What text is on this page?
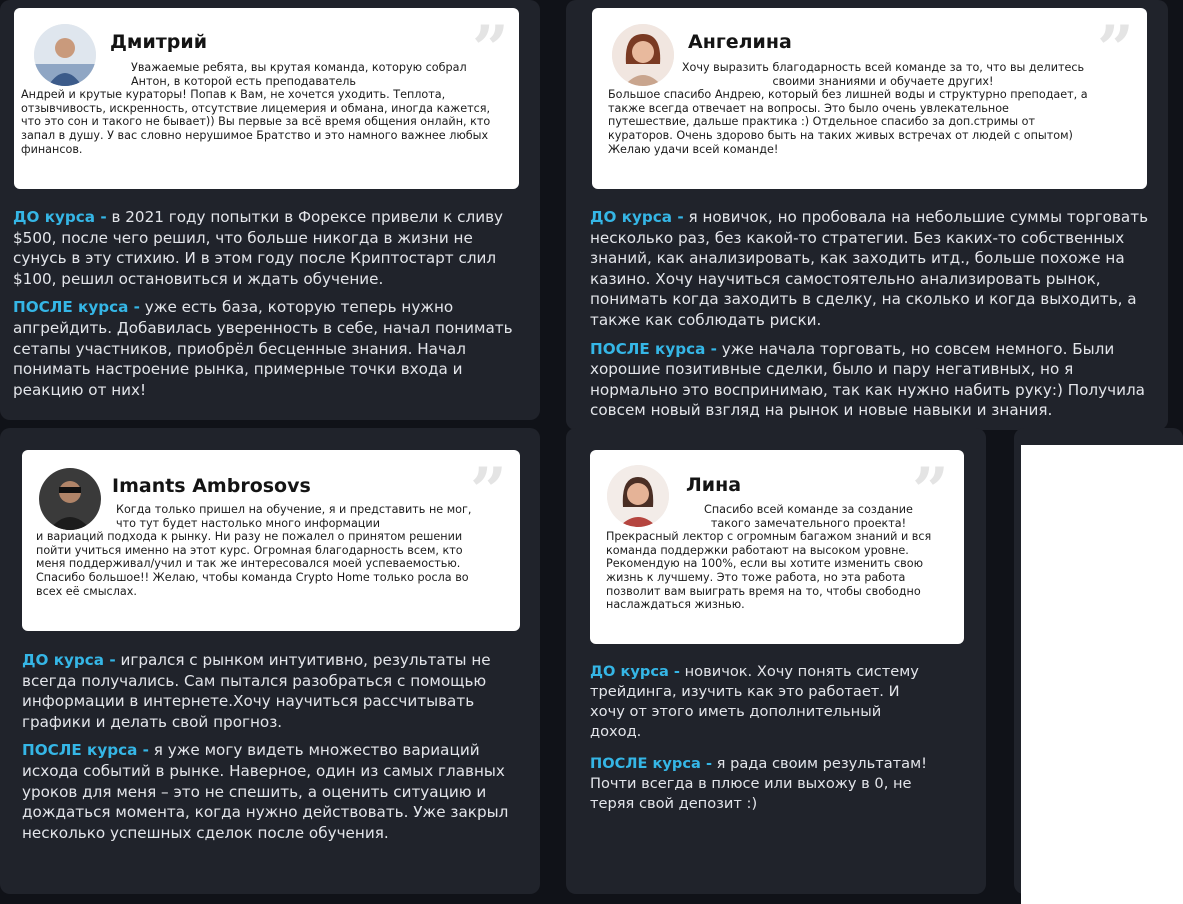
Дмитрий	”

Уважаемые ребята, вы крутая команда, которую собрал Антон, в которой есть преподаватель
Андрей и крутые кураторы! Попав к Вам, не хочется уходить. Теплота, отзывчивость, искренность, отсутствие лицемерия и обмана, иногда кажется, что это сон и такого не бывает)) Вы первые за всё время общения онлайн, кто запал в душу. У вас словно нерушимое Братство и это намного важнее любых финансов.

ДО курса - в 2021 году попытки в Форексе привели к сливу $500, после чего решил, что больше никогда в жизни не сунусь в эту стихию. И в этом году после Криптостарт слил $100, решил остановиться и ждать обучение.

ПОСЛЕ курса - уже есть база, которую теперь нужно апгрейдить. Добавилась уверенность в себе, начал понимать сетапы участников, приобрёл бесценные знания. Начал понимать настроение рынка, примерные точки входа и реакцию от них!

Ангелина	”

Хочу выразить благодарность всей команде за то, что вы делитесь своими знаниями и обучаете других!
Большое спасибо Андрею, который без лишней воды и структурно преподает, а также всегда отвечает на вопросы. Это было очень увлекательное путешествие, дальше практика :) Отдельное спасибо за доп.стримы от кураторов. Очень здорово быть на таких живых встречах от людей с опытом) Желаю удачи всей команде!

ДО курса - я новичок, но пробовала на небольшие суммы торговать несколько раз, без какой-то стратегии. Без каких-то собственных знаний, как анализировать, как заходить итд., больше похоже на казино. Хочу научиться самостоятельно анализировать рынок, понимать когда заходить в сделку, на сколько и когда выходить, а также как соблюдать риски.

ПОСЛЕ курса - уже начала торговать, но совсем немного. Были хорошие позитивные сделки, было и пару негативных, но я нормально это воспринимаю, так как нужно набить руку:) Получила совсем новый взгляд на рынок и новые навыки и знания.

Imants Ambrosovs ”

Когда только пришел на обучение, я и представить не мог, что тут будет настолько много информации
и вариаций подхода к рынку. Ни разу не пожалел о принятом решении пойти учиться именно на этот курс. Огромная благодарность всем, кто меня поддерживал/учил и так же интересовался моей успеваемостью. Спасибо большое!! Желаю, чтобы команда Crypto Home только росла во всех её смыслах.

ДО курса - игрался с рынком интуитивно, результаты не всегда получались. Сам пытался разобраться с помощью информации в интернете.Хочу научиться рассчитывать графики и делать свой прогноз.

ПОСЛЕ курса - я уже могу видеть множество вариаций исхода событий в рынке. Наверное, один из самых главных уроков для меня – это не спешить, а оценить ситуацию и дождаться момента, когда нужно действовать. Уже закрыл несколько успешных сделок после обучения.

Лина	”

Спасибо всей команде за создание такого замечательного проекта!
Прекрасный лектор с огромным багажом знаний и вся команда поддержки работают на высоком уровне. Рекомендую на 100%, если вы хотите изменить свою жизнь к лучшему. Это тоже работа, но эта работа позволит вам выиграть время на то, чтобы свободно наслаждаться жизнью.

ДО курса - новичок. Хочу понять систему трейдинга, изучить как это работает. И хочу от этого иметь дополнительный доход.

ПОСЛЕ курса - я рада своим результатам! Почти всегда в плюсе или выхожу в 0, не теряя свой депозит :)
